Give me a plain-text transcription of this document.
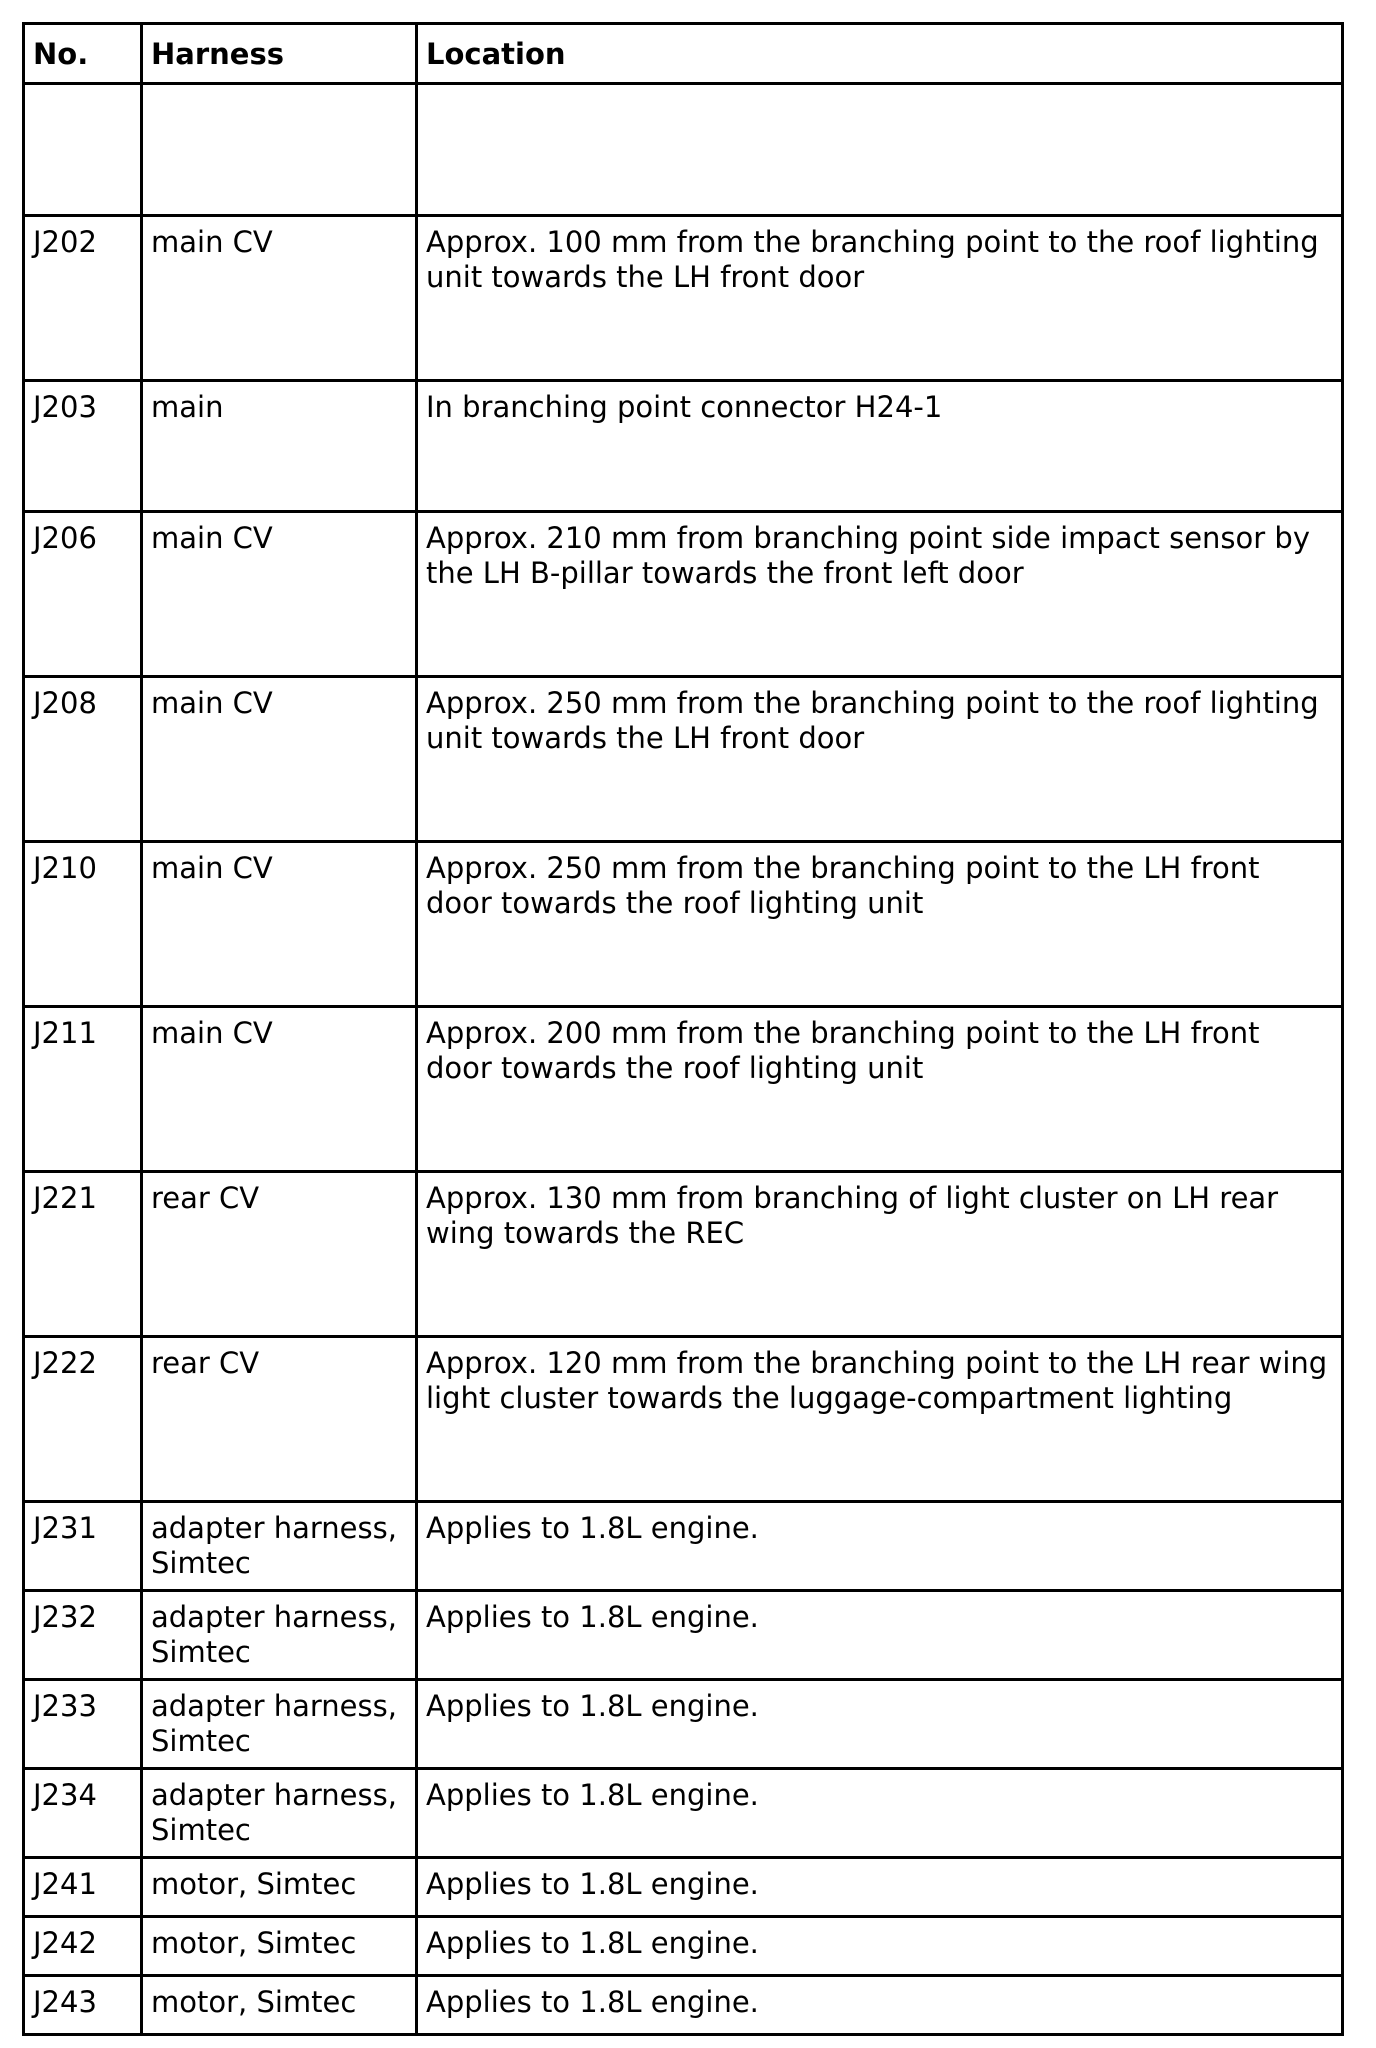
No.	Harness	Location

J202	main CV	Approx. 100 mm from the branching point to the roof lighting unit towards the LH front door
J203	main	In branching point connector H24-1
J206	main CV	Approx. 210 mm from branching point side impact sensor by the LH B-pillar towards the front left door
J208	main CV	Approx. 250 mm from the branching point to the roof lighting unit towards the LH front door
J210	main CV	Approx. 250 mm from the branching point to the LH front door towards the roof lighting unit
J211	main CV	Approx. 200 mm from the branching point to the LH front door towards the roof lighting unit
J221	rear CV	Approx. 130 mm from branching of light cluster on LH rear wing towards the REC
J222	rear CV	Approx. 120 mm from the branching point to the LH rear wing light cluster towards the luggage-compartment lighting
J231	adapter harness, Simtec	Applies to 1.8L engine.
J232	adapter harness, Simtec	Applies to 1.8L engine.
J233	adapter harness, Simtec	Applies to 1.8L engine.
J234	adapter harness, Simtec	Applies to 1.8L engine.
J241	motor, Simtec	Applies to 1.8L engine.
J242	motor, Simtec	Applies to 1.8L engine.
J243	motor, Simtec	Applies to 1.8L engine.
